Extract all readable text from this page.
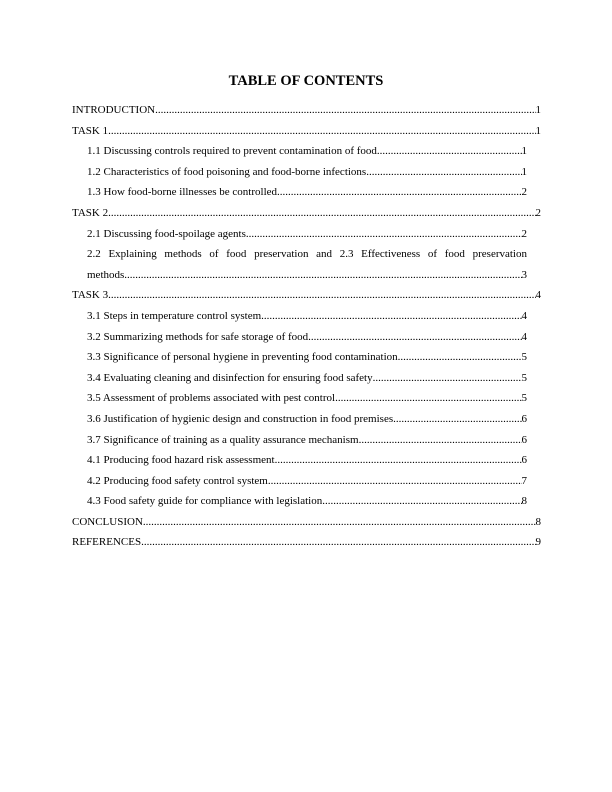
TABLE OF CONTENTS
INTRODUCTION .....	1
TASK 1 .....	1
1.1 Discussing controls required to prevent contamination of food .....	1
1.2 Characteristics of food poisoning and food-borne infections .....	1
1.3 How food-borne illnesses be controlled .....	2
TASK 2 .....	2
2.1 Discussing food-spoilage agents .....	2
2.2 Explaining methods of food preservation and 2.3 Effectiveness of food preservation
methods .....	3
TASK 3 .....	4
3.1 Steps in temperature control system .....	4
3.2 Summarizing methods for safe storage of food .....	4
3.3 Significance of personal hygiene in preventing food contamination .....	5
3.4 Evaluating cleaning and disinfection for ensuring food safety .....	5
3.5 Assessment of problems associated with pest control .....	5
3.6 Justification of hygienic design and construction in food premises .....	6
3.7 Significance of training as a quality assurance mechanism .....	6
4.1 Producing food hazard risk assessment .....	6
4.2 Producing food safety control system .....	7
4.3 Food safety guide for compliance with legislation .....	8
CONCLUSION .....	8
REFERENCES .....	9
